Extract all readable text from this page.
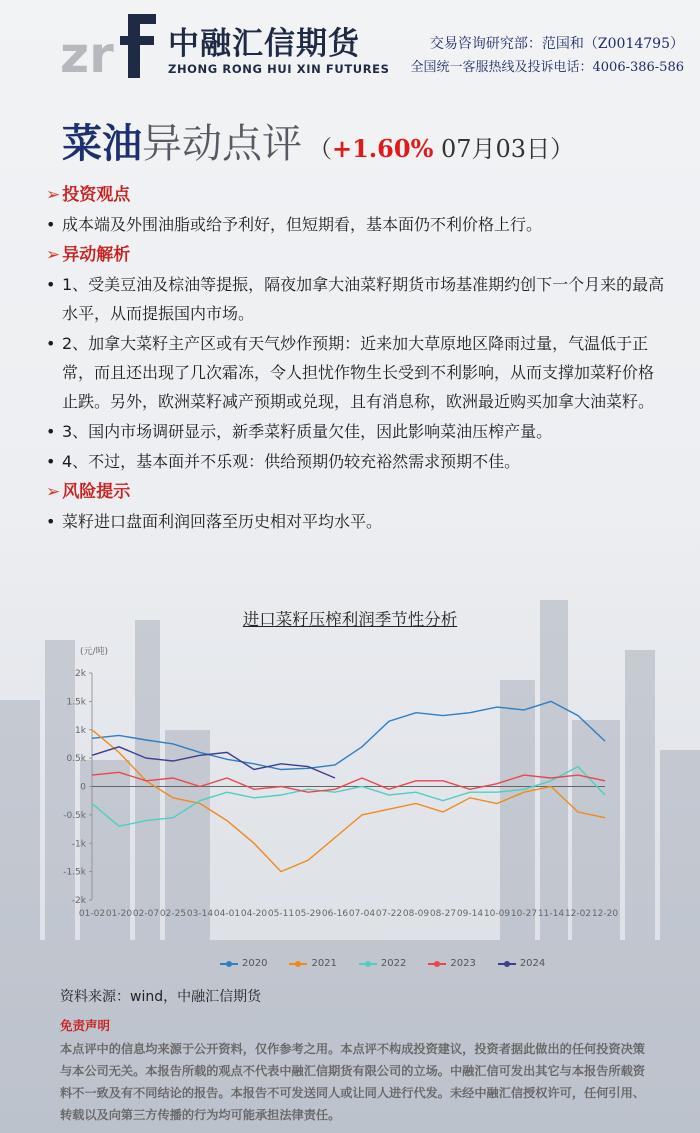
zr 中融汇信期货
ZHONG RONG HUI XIN FUTURES
交易咨询研究部：范国和（Z0014795）
全国统一客服热线及投诉电话：4006-386-586
菜油异动点评 （+1.60% 07月03日）
➢ 投资观点
• 成本端及外围油脂或给予利好，但短期看，基本面仍不利价格上行。
➢ 异动解析
• 1、受美豆油及棕油等提振，隔夜加拿大油菜籽期货市场基准期约创下一个月来的最高水平，从而提振国内市场。
• 2、加拿大菜籽主产区或有天气炒作预期：近来加大草原地区降雨过量，气温低于正常，而且还出现了几次霜冻，令人担忧作物生长受到不利影响，从而支撑加菜籽价格止跌。另外，欧洲菜籽减产预期或兑现，且有消息称，欧洲最近购买加拿大油菜籽。
• 3、国内市场调研显示，新季菜籽质量欠佳，因此影响菜油压榨产量。
• 4、不过，基本面并不乐观：供给预期仍较充裕然需求预期不佳。
➢ 风险提示
• 菜籽进口盘面利润回落至历史相对平均水平。
进口菜籽压榨利润季节性分析
(元/吨)
2k
1.5k
1k
0.5k
0
-0.5k
-1k
-1.5k
-2k
01-02 01-20 02-07 02-25 03-14 04-01 04-20 05-11 05-29 06-16 07-04 07-22 08-09 08-27 09-14 10-09 10-27 11-14 12-02 12-20
2020	2021	2022	2023	2024
资料来源：wind，中融汇信期货
免责声明
本点评中的信息均来源于公开资料，仅作参考之用。本点评不构成投资建议，投资者据此做出的任何投资决策与本公司无关。本报告所载的观点不代表中融汇信期货有限公司的立场。中融汇信可发出其它与本报告所载资料不一致及有不同结论的报告。本报告不可发送同人或让同人进行代发。未经中融汇信授权许可，任何引用、转载以及向第三方传播的行为均可能承担法律责任。
